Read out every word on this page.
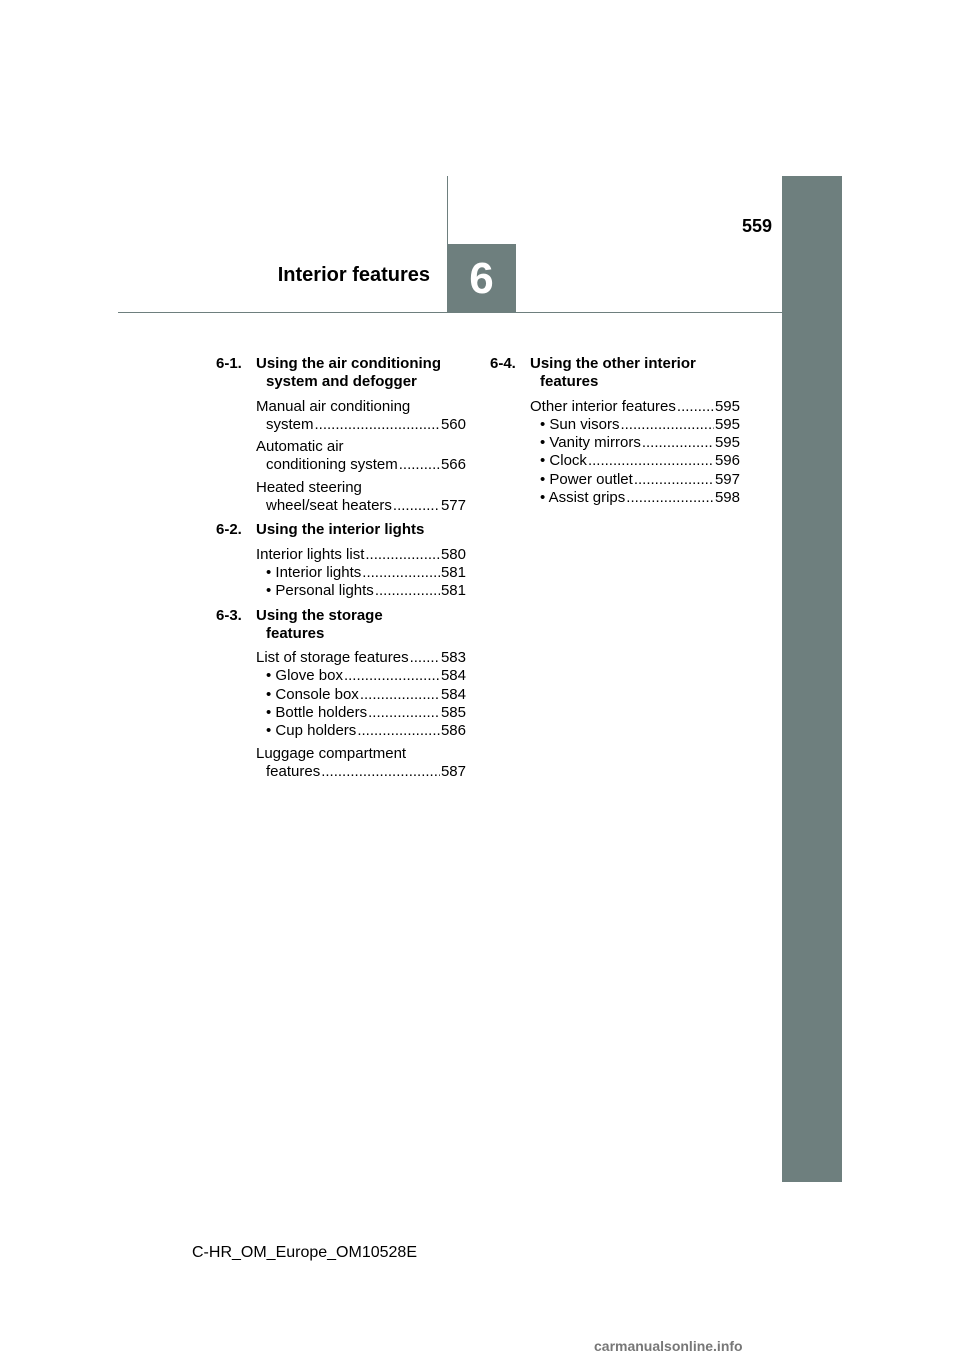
6
559
Interior features
6-1. Using the air conditioning
system and defogger
Manual air conditioning
system .....	560
Automatic air
conditioning system .....	566
Heated steering
wheel/seat heaters .....	577
6-2. Using the interior lights
Interior lights list .....	580
• Interior lights .....	581
• Personal lights .....	581
6-3. Using the storage
features
List of storage features ..... 583
• Glove box .....	584
• Console box .....	584
• Bottle holders .....	585
• Cup holders .....	586
Luggage compartment
features .....	587
6-4. Using the other interior
features
Other interior features .....	595
• Sun visors .....	595
• Vanity mirrors .....	595
• Clock .....	596
• Power outlet .....	597
• Assist grips .....	598
C-HR_OM_Europe_OM10528E
carmanualsonline.info
